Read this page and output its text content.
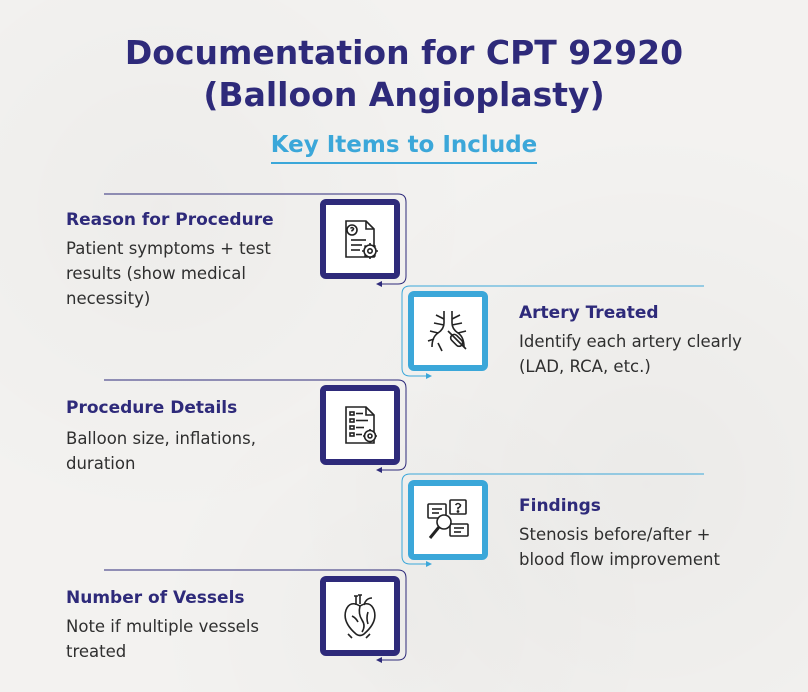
Documentation for CPT 92920
(Balloon Angioplasty)
Key Items to Include
Reason for Procedure

Patient symptoms + test results (show medical necessity)

Artery Treated

Identify each artery clearly (LAD, RCA, etc.)

Procedure Details

Balloon size, inflations, duration

Findings

Stenosis before/after + blood flow improvement

Number of Vessels

Note if multiple vessels treated
